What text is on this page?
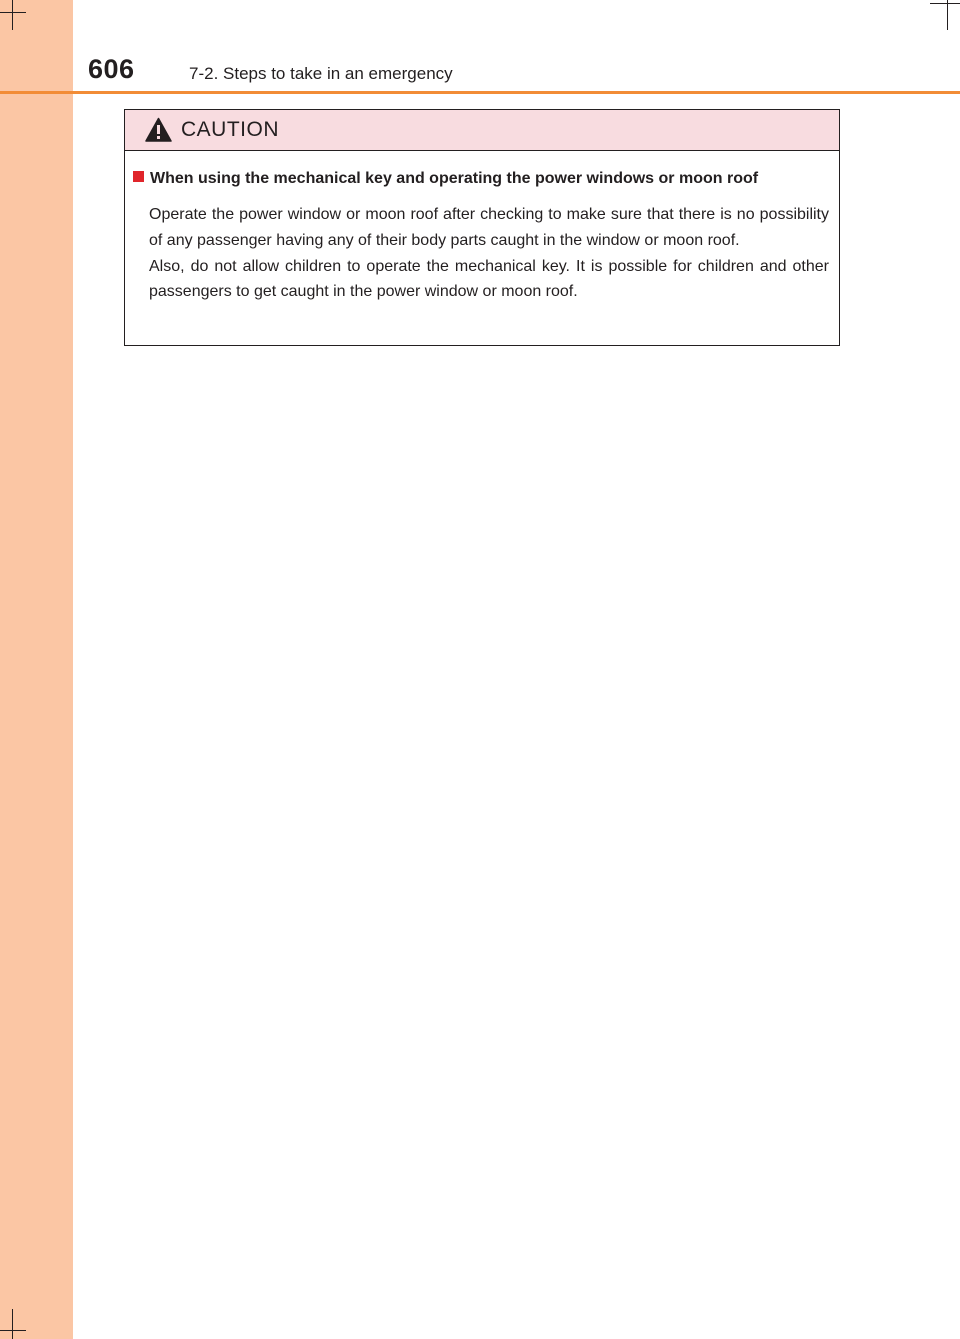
606	7-2. Steps to take in an emergency
CAUTION
When using the mechanical key and operating the power windows or moon roof

Operate the power window or moon roof after checking to make sure that there is no possibility of any passenger having any of their body parts caught in the window or moon roof.

Also, do not allow children to operate the mechanical key. It is possible for children and other passengers to get caught in the power window or moon roof.
